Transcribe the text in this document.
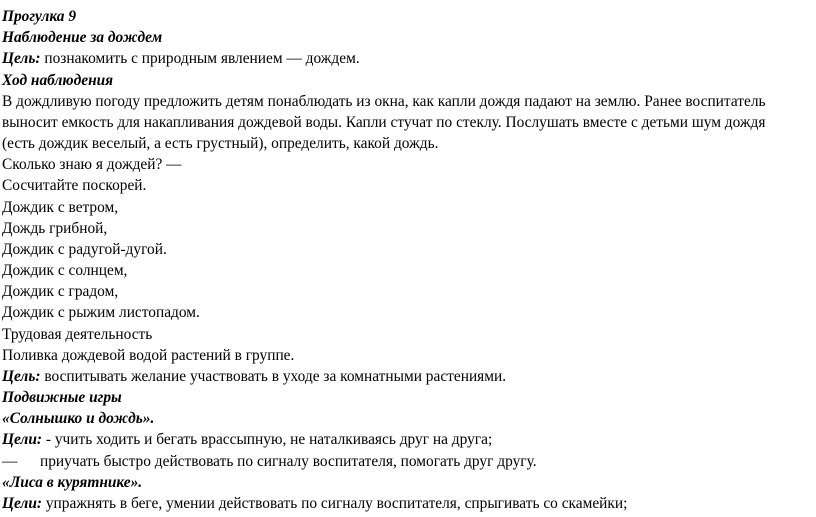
Прогулка 9
Наблюдение за дождем
Цель: познакомить с природным явлением — дождем.
Ход наблюдения
В дождливую погоду предложить детям понаблюдать из окна, как капли дождя падают на землю. Ранее воспитатель
выносит емкость для накапливания дождевой воды. Капли стучат по стеклу. Послушать вместе с детьми шум дождя
(есть дождик веселый, а есть грустный), определить, какой дождь.
Сколько знаю я дождей? —
Сосчитайте поскорей.
Дождик с ветром,
Дождь грибной,
Дождик с радугой-дугой.
Дождик с солнцем,
Дождик с градом,
Дождик с рыжим листопадом.
Трудовая деятельность
Поливка дождевой водой растений в группе.
Цель: воспитывать желание участвовать в уходе за комнатными растениями.
Подвижные игры
«Солнышко и дождь».
Цели: - учить ходить и бегать врассыпную, не наталкиваясь друг на друга;
— приучать быстро действовать по сигналу воспитателя, помогать друг другу.
«Лиса в курятнике».
Цели: упражнять в беге, умении действовать по сигналу воспитателя, спрыгивать со скамейки;
